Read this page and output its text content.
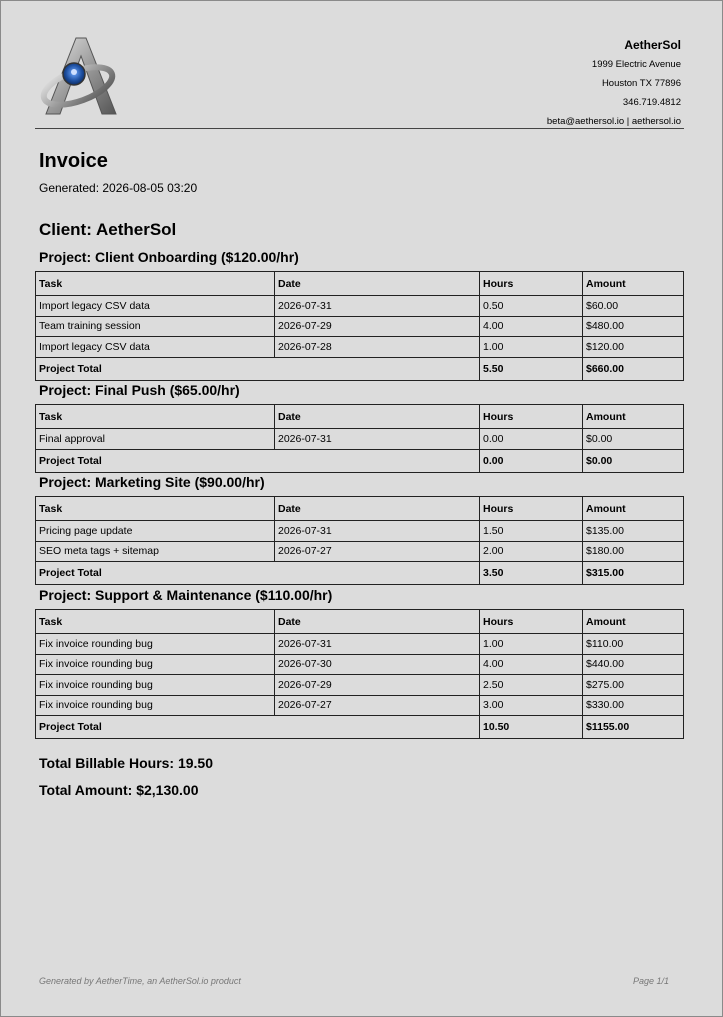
AetherSol
1999 Electric Avenue
Houston TX 77896
346.719.4812
beta@aethersol.io | aethersol.io
Invoice
Generated: 2026-08-05 03:20
Client: AetherSol
Project: Client Onboarding ($120.00/hr)
Task	Date	Hours	Amount
Import legacy CSV data	2026-07-31	0.50	$60.00
Team training session	2026-07-29	4.00	$480.00
Import legacy CSV data	2026-07-28	1.00	$120.00
Project Total		5.50	$660.00
Project: Final Push ($65.00/hr)
Task	Date	Hours	Amount
Final approval	2026-07-31	0.00	$0.00
Project Total		0.00	$0.00
Project: Marketing Site ($90.00/hr)
Task	Date	Hours	Amount
Pricing page update	2026-07-31	1.50	$135.00
SEO meta tags + sitemap	2026-07-27	2.00	$180.00
Project Total		3.50	$315.00
Project: Support & Maintenance ($110.00/hr)
Task	Date	Hours	Amount
Fix invoice rounding bug	2026-07-31	1.00	$110.00
Fix invoice rounding bug	2026-07-30	4.00	$440.00
Fix invoice rounding bug	2026-07-29	2.50	$275.00
Fix invoice rounding bug	2026-07-27	3.00	$330.00
Project Total		10.50	$1155.00
Total Billable Hours: 19.50
Total Amount: $2,130.00
Generated by AetherTime, an AetherSol.io product	Page 1/1
